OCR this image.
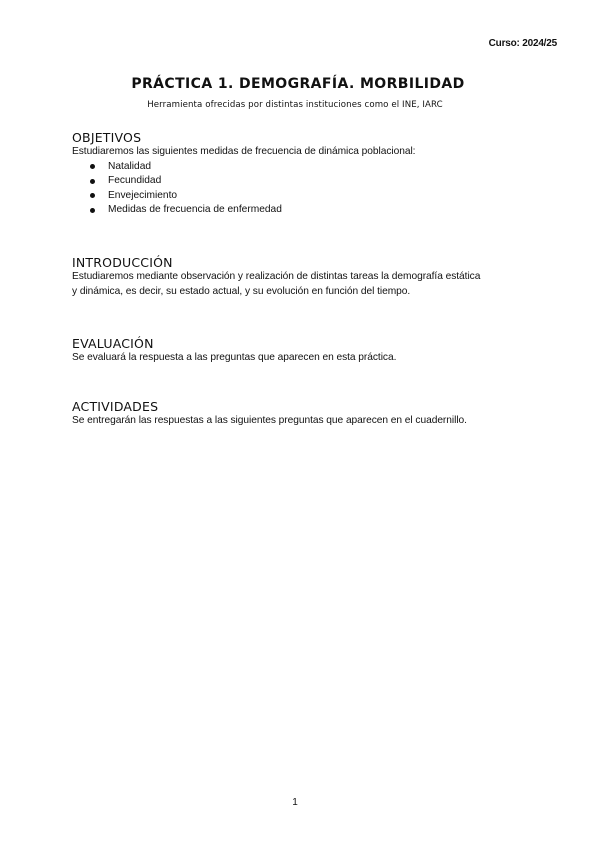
Curso: 2024/25
PRÁCTICA 1. DEMOGRAFÍA. MORBILIDAD
Herramienta ofrecidas por distintas instituciones como el INE, IARC
OBJETIVOS

Estudiaremos las siguientes medidas de frecuencia de dinámica poblacional:

Natalidad
Fecundidad
Envejecimiento
Medidas de frecuencia de enfermedad
INTRODUCCIÓN

Estudiaremos mediante observación y realización de distintas tareas la demografía estática

y dinámica, es decir, su estado actual, y su evolución en función del tiempo.

EVALUACIÓN

Se evaluará la respuesta a las preguntas que aparecen en esta práctica.

ACTIVIDADES

Se entregarán las respuestas a las siguientes preguntas que aparecen en el cuadernillo.

1
